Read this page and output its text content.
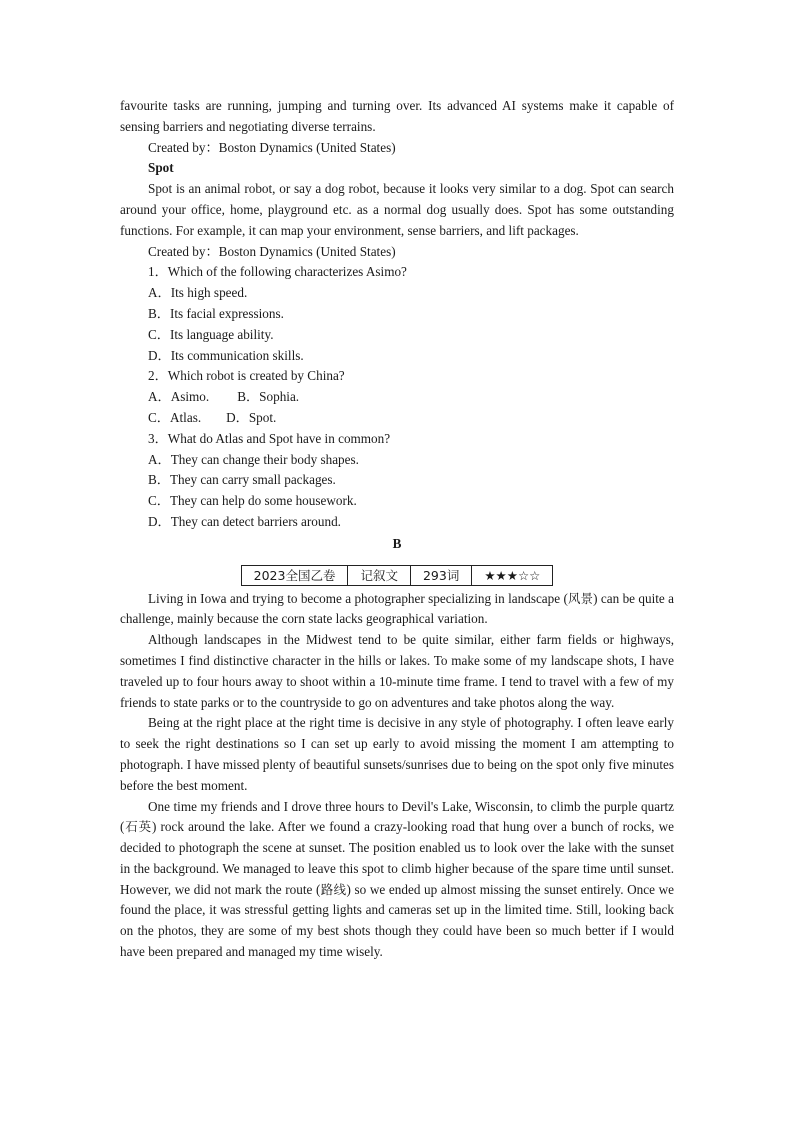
favourite tasks are running, jumping and turning over. Its advanced AI systems make it capable of sensing barriers and negotiating diverse terrains.

Created by：Boston Dynamics (United States)

Spot

Spot is an animal robot, or say a dog robot, because it looks very similar to a dog. Spot can search around your office, home, playground etc. as a normal dog usually does. Spot has some outstanding functions. For example, it can map your environment, sense barriers, and lift packages.

Created by：Boston Dynamics (United States)

1．Which of the following characterizes Asimo?

A．Its high speed.

B．Its facial expressions.

C．Its language ability.

D．Its communication skills.

2．Which robot is created by China?

A．Asimo. B．Sophia.

C．Atlas. D．Spot.

3．What do Atlas and Spot have in common?

A．They can change their body shapes.

B．They can carry small packages.

C．They can help do some housework.

D．They can detect barriers around.

B

2023全国乙卷	记叙文	293词	★★★☆☆

Living in Iowa and trying to become a photographer specializing in landscape (风景) can be quite a challenge, mainly because the corn state lacks geographical variation.

Although landscapes in the Midwest tend to be quite similar, either farm fields or highways, sometimes I find distinctive character in the hills or lakes. To make some of my landscape shots, I have traveled up to four hours away to shoot within a 10-minute time frame. I tend to travel with a few of my friends to state parks or to the countryside to go on adventures and take photos along the way.

Being at the right place at the right time is decisive in any style of photography. I often leave early to seek the right destinations so I can set up early to avoid missing the moment I am attempting to photograph. I have missed plenty of beautiful sunsets/sunrises due to being on the spot only five minutes before the best moment.

One time my friends and I drove three hours to Devil's Lake, Wisconsin, to climb the purple quartz (石英) rock around the lake. After we found a crazy-looking road that hung over a bunch of rocks, we decided to photograph the scene at sunset. The position enabled us to look over the lake with the sunset in the background. We managed to leave this spot to climb higher because of the spare time until sunset. However, we did not mark the route (路线) so we ended up almost missing the sunset entirely. Once we found the place, it was stressful getting lights and cameras set up in the limited time. Still, looking back on the photos, they are some of my best shots though they could have been so much better if I would have been prepared and managed my time wisely.
